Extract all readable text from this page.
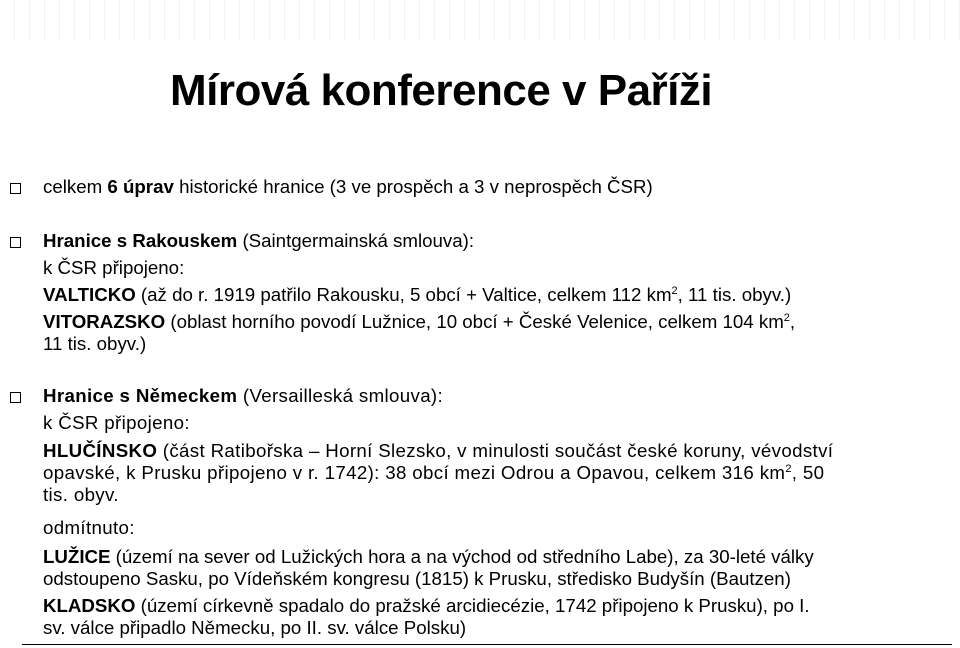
Mírová konference v Paříži

celkem 6 úprav historické hranice (3 ve prospěch a 3 v neprospěch ČSR)

Hranice s Rakouskem (Saintgermainská smlouva):

k ČSR připojeno:

VALTICKO (až do r. 1919 patřilo Rakousku, 5 obcí + Valtice, celkem 112 $km^2$, 11 tis. obyv.)

VITORAZSKO (oblast horního povodí Lužnice, 10 obcí + České Velenice, celkem 104 $km^2$,

11 tis. obyv.)

Hranice s Německem (Versailleská smlouva):

k ČSR připojeno:

HLUČÍNSKO (část Ratibořska – Horní Slezsko, v minulosti součást české koruny, vévodství

opavské, k Prusku připojeno v r. 1742): 38 obcí mezi Odrou a Opavou, celkem 316 $km^2$, 50

tis. obyv.

odmítnuto:

LUŽICE (území na sever od Lužických hora a na východ od středního Labe), za 30-leté války

odstoupeno Sasku, po Vídeňském kongresu (1815) k Prusku, středisko Budyšín (Bautzen)

KLADSKO (území církevně spadalo do pražské arcidiecézie, 1742 připojeno k Prusku), po I.

sv. válce připadlo Německu, po II. sv. válce Polsku)
